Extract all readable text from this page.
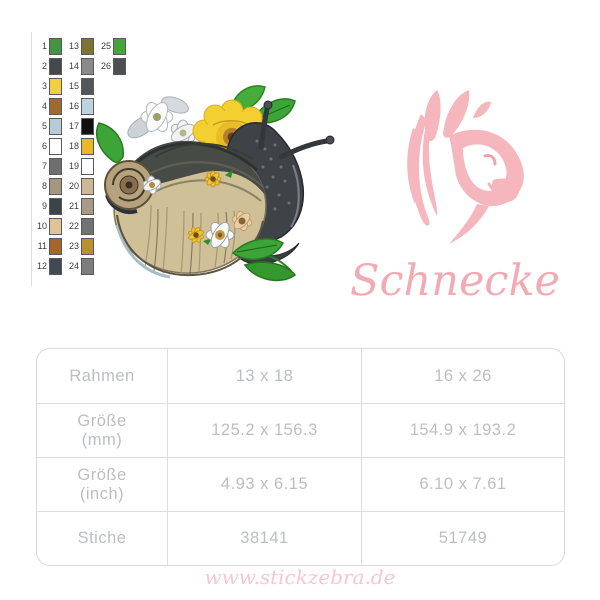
1
2
3
4
5
6
7
8
9
10
11
12
13
14
15
16
17
18
19
20
21
22
23
24
25
26
Schnecke
Rahmen	13 x 18	16 x 26
Größe
(mm)
125.2 x 156.3	154.9 x 193.2
Größe
(inch)
4.93 x 6.15	6.10 x 7.61
Stiche	38141	51749
www.stickzebra.de
